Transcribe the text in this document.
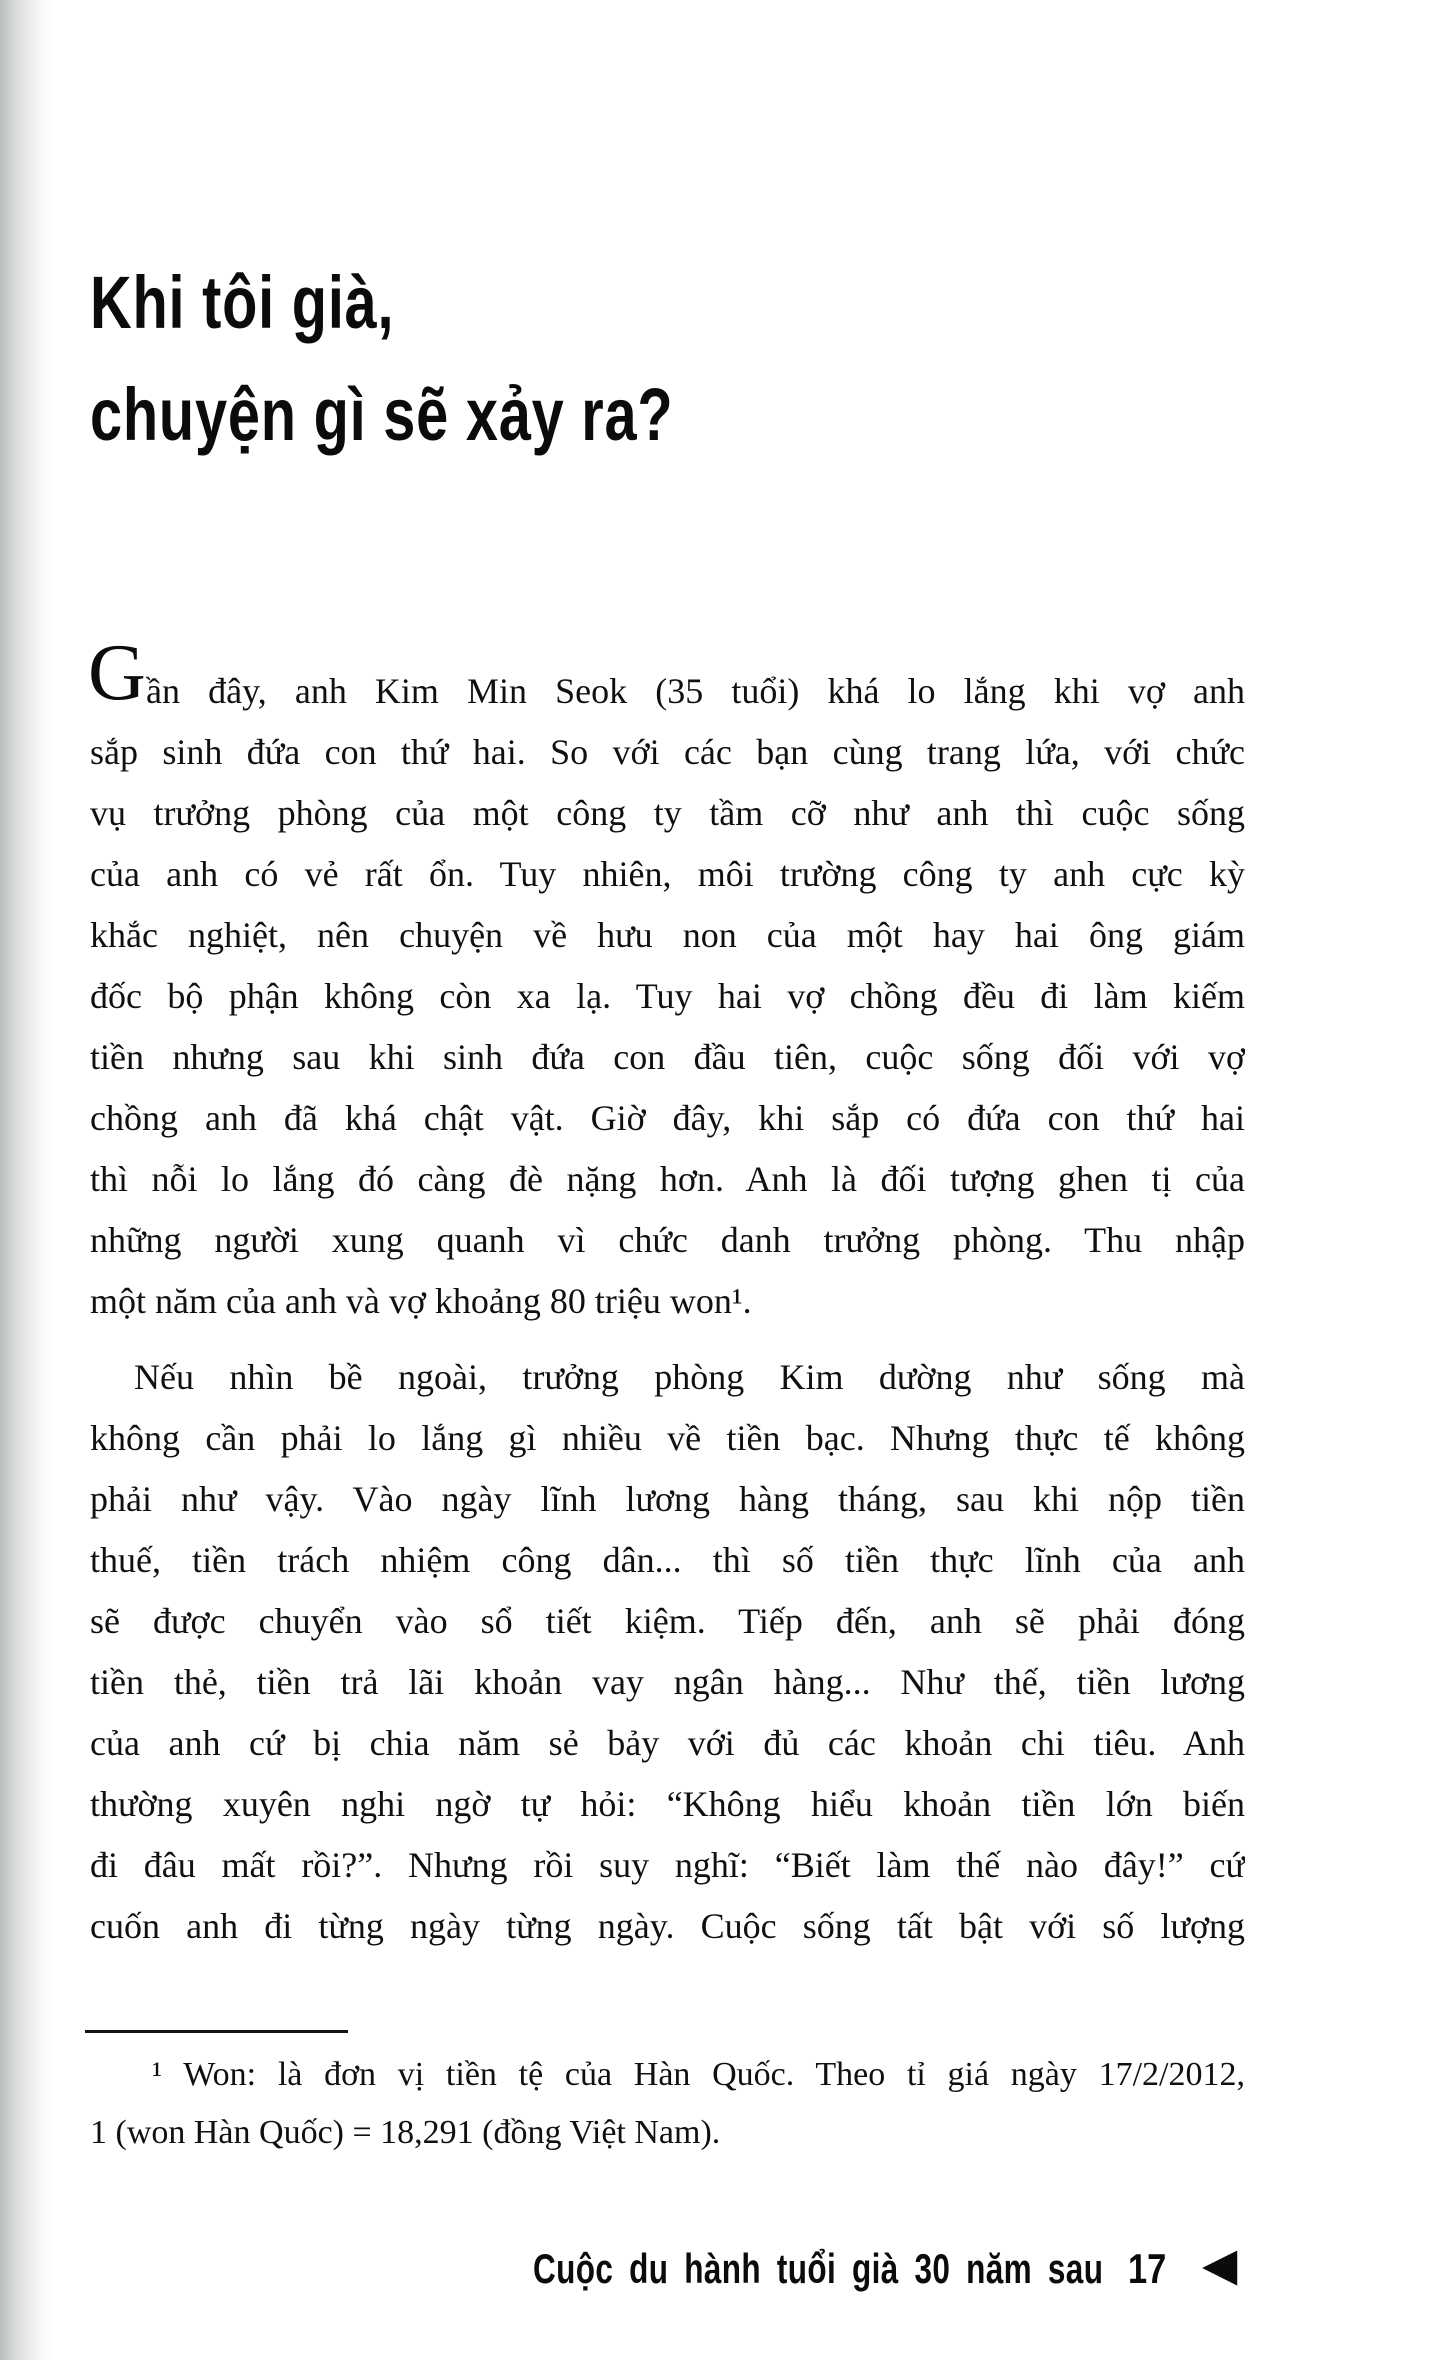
Khi tôi già,
chuyện gì sẽ xảy ra?
G ần đây, anh Kim Min Seok (35 tuổi) khá lo lắng khi vợ anh
sắp sinh đứa con thứ hai. So với các bạn cùng trang lứa, với chức
vụ trưởng phòng của một công ty tầm cỡ như anh thì cuộc sống
của anh có vẻ rất ổn. Tuy nhiên, môi trường công ty anh cực kỳ
khắc nghiệt, nên chuyện về hưu non của một hay hai ông giám
đốc bộ phận không còn xa lạ. Tuy hai vợ chồng đều đi làm kiếm
tiền nhưng sau khi sinh đứa con đầu tiên, cuộc sống đối với vợ
chồng anh đã khá chật vật. Giờ đây, khi sắp có đứa con thứ hai
thì nỗi lo lắng đó càng đè nặng hơn. Anh là đối tượng ghen tị của
những người xung quanh vì chức danh trưởng phòng. Thu nhập
một năm của anh và vợ khoảng 80 triệu won¹.
Nếu nhìn bề ngoài, trưởng phòng Kim dường như sống mà
không cần phải lo lắng gì nhiều về tiền bạc. Nhưng thực tế không
phải như vậy. Vào ngày lĩnh lương hàng tháng, sau khi nộp tiền
thuế, tiền trách nhiệm công dân... thì số tiền thực lĩnh của anh
sẽ được chuyển vào sổ tiết kiệm. Tiếp đến, anh sẽ phải đóng
tiền thẻ, tiền trả lãi khoản vay ngân hàng... Như thế, tiền lương
của anh cứ bị chia năm sẻ bảy với đủ các khoản chi tiêu. Anh
thường xuyên nghi ngờ tự hỏi: “Không hiểu khoản tiền lớn biến
đi đâu mất rồi?”. Nhưng rồi suy nghĩ: “Biết làm thế nào đây!” cứ
cuốn anh đi từng ngày từng ngày. Cuộc sống tất bật với số lượng
¹ Won: là đơn vị tiền tệ của Hàn Quốc. Theo tỉ giá ngày 17/2/2012,
1 (won Hàn Quốc) = 18,291 (đồng Việt Nam).
Cuộc du hành tuổi già 30 năm sau 17 ◀
